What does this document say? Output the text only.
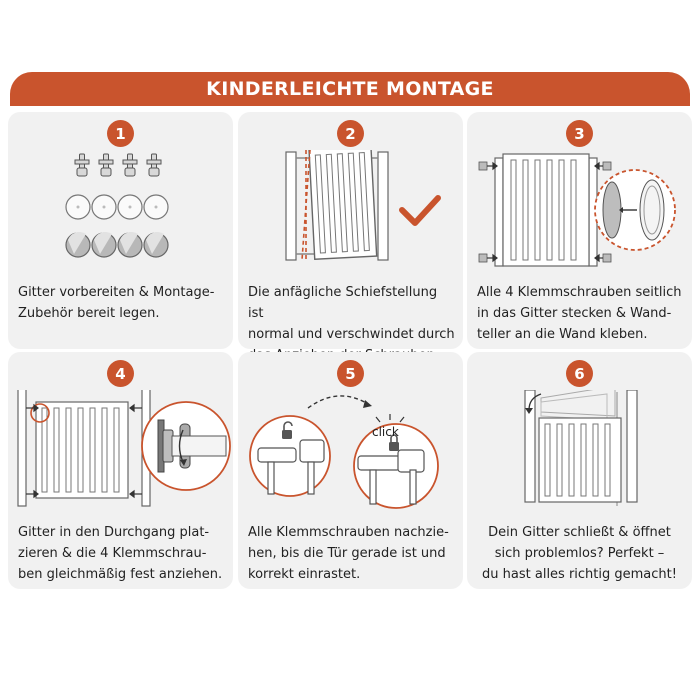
KINDERLEICHTE MONTAGE
1
Gitter vorbereiten & Montage-
Zubehör bereit legen.
2
Die anfägliche Schiefstellung ist
normal und verschwindet durch

3
Alle 4 Klemmschrauben seitlich
in das Gitter stecken & Wand-
teller an die Wand kleben.
4
Gitter in den Durchgang plat-
zieren & die 4 Klemmschrau-
ben gleichmäßig fest anziehen.
5
click
Alle Klemmschrauben nachzie-
hen, bis die Tür gerade ist und
korrekt einrastet.
6
Dein Gitter schließt & öffnet
sich problemlos? Perfekt –
du hast alles richtig gemacht!
